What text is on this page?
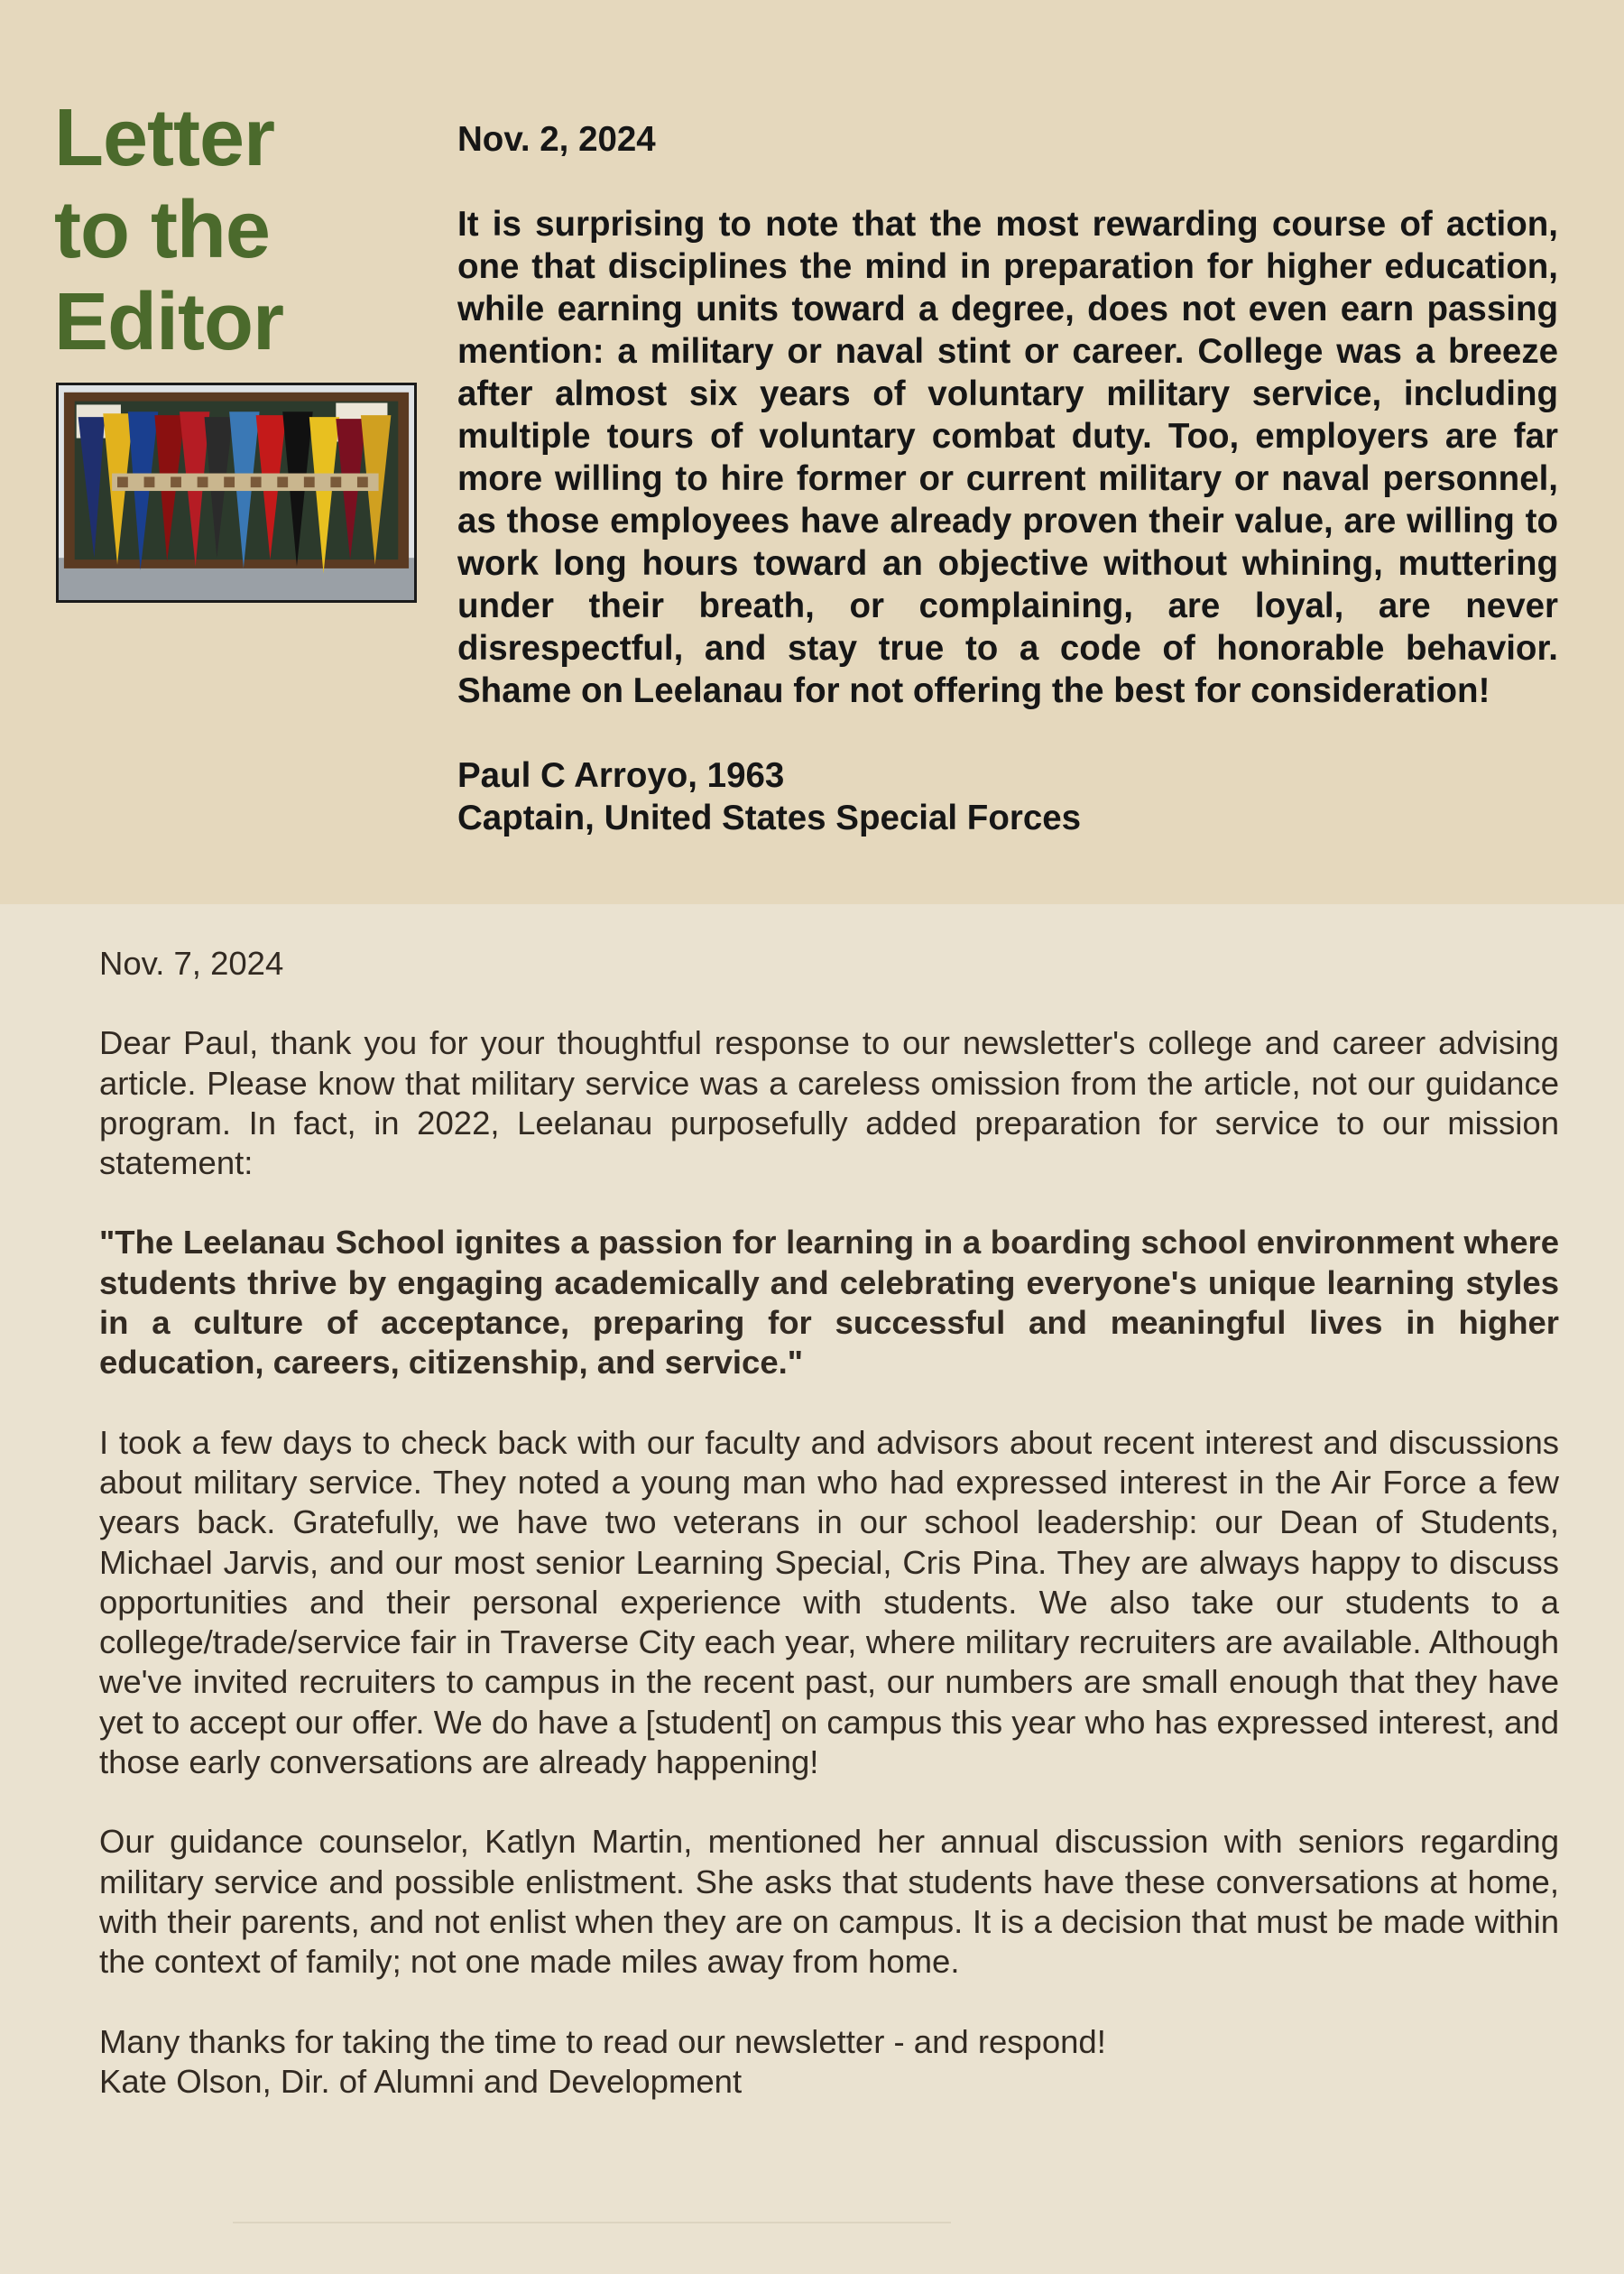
Letter
to the
Editor

Nov. 2, 2024

It is surprising to note that the most rewarding course of action, one that disciplines the mind in preparation for higher education, while earning units toward a degree, does not even earn passing mention: a military or naval stint or career. College was a breeze after almost six years of voluntary military service, including multiple tours of voluntary combat duty. Too, employers are far more willing to hire former or current military or naval personnel, as those employees have already proven their value, are willing to work long hours toward an objective without whining, muttering under their breath, or complaining, are loyal, are never disrespectful, and stay true to a code of honorable behavior. Shame on Leelanau for not offering the best for consideration!

Paul C Arroyo, 1963
Captain, United States Special Forces

Nov. 7, 2024

Dear Paul, thank you for your thoughtful response to our newsletter's college and career advising article. Please know that military service was a careless omission from the article, not our guidance program. In fact, in 2022, Leelanau purposefully added preparation for service to our mission statement:

"The Leelanau School ignites a passion for learning in a boarding school environment where students thrive by engaging academically and celebrating everyone's unique learning styles in a culture of acceptance, preparing for successful and meaningful lives in higher education, careers, citizenship, and service."

I took a few days to check back with our faculty and advisors about recent interest and discussions about military service. They noted a young man who had expressed interest in the Air Force a few years back. Gratefully, we have two veterans in our school leadership: our Dean of Students, Michael Jarvis, and our most senior Learning Special, Cris Pina. They are always happy to discuss opportunities and their personal experience with students. We also take our students to a college/trade/service fair in Traverse City each year, where military recruiters are available. Although we've invited recruiters to campus in the recent past, our numbers are small enough that they have yet to accept our offer. We do have a [student] on campus this year who has expressed interest, and those early conversations are already happening!

Our guidance counselor, Katlyn Martin, mentioned her annual discussion with seniors regarding military service and possible enlistment. She asks that students have these conversations at home, with their parents, and not enlist when they are on campus. It is a decision that must be made within the context of family; not one made miles away from home.

Many thanks for taking the time to read our newsletter - and respond!
Kate Olson, Dir. of Alumni and Development
